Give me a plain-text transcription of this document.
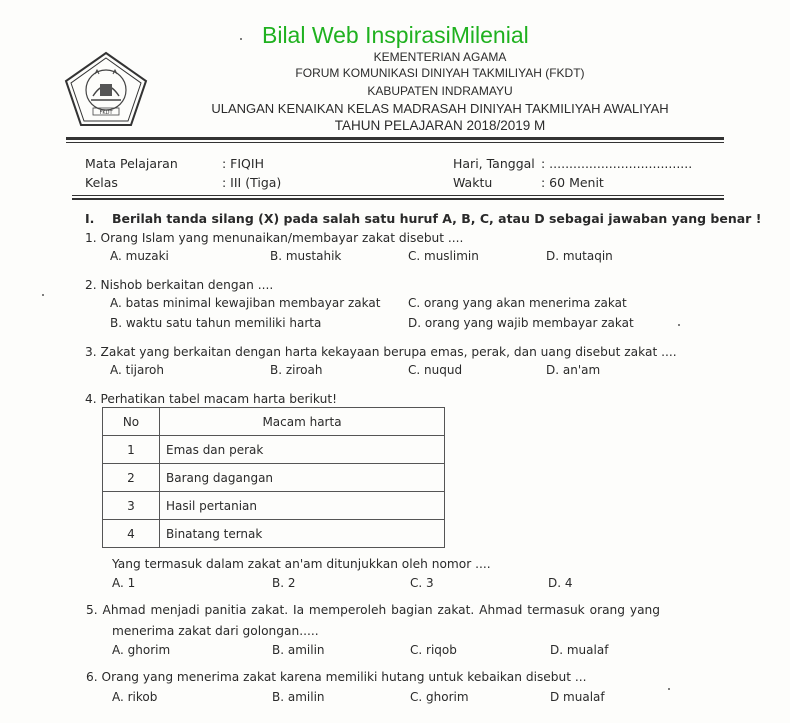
Bilal Web InspirasiMilenial
FKDT
KEMENTERIAN AGAMA
FORUM KOMUNIKASI DINIYAH TAKMILIYAH (FKDT)
KABUPATEN INDRAMAYU
ULANGAN KENAIKAN KELAS MADRASAH DINIYAH TAKMILIYAH AWALIYAH
TAHUN PELAJARAN 2018/2019 M
Mata Pelajaran	: FIQIH
Kelas	: III (Tiga)
Hari, Tanggal : ....................................
Waktu	: 60 Menit
I. Berilah tanda silang (X) pada salah satu huruf A, B, C, atau D sebagai jawaban yang benar !
1. Orang Islam yang menunaikan/membayar zakat disebut ....
A. muzaki	B. mustahik	C. muslimin	D. mutaqin
2. Nishob berkaitan dengan ....
A. batas minimal kewajiban membayar zakat C. orang yang akan menerima zakat
B. waktu satu tahun memiliki harta	D. orang yang wajib membayar zakat
3. Zakat yang berkaitan dengan harta kekayaan berupa emas, perak, dan uang disebut zakat ....
A. tijaroh	B. ziroah	C. nuqud	D. an'am
4. Perhatikan tabel macam harta berikut!
No	Macam harta
1	Emas dan perak
2	Barang dagangan
3	Hasil pertanian
4	Binatang ternak
Yang termasuk dalam zakat an'am ditunjukkan oleh nomor ....
A. 1	B. 2	C. 3	D. 4
5. Ahmad menjadi panitia zakat. Ia memperoleh bagian zakat. Ahmad termasuk orang yang
menerima zakat dari golongan.....
A. ghorim	B. amilin	C. riqob	D. mualaf
6. Orang yang menerima zakat karena memiliki hutang untuk kebaikan disebut ...
A. rikob	B. amilin	C. ghorim	D mualaf
